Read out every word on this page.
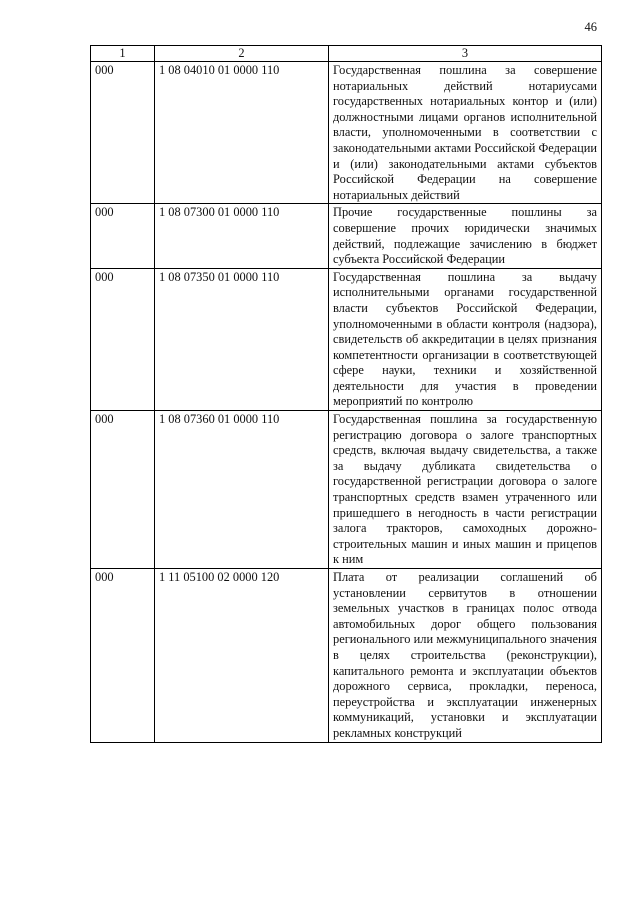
46
1	2	3
000	1 08 04010 01 0000 110	Государственная пошлина за совершение нотариальных действий нотариусами государственных нотариальных контор и (или) должностными лицами органов исполнительной власти, уполномоченными в соответствии с законодательными актами Российской Федерации и (или) законодательными актами субъектов Российской Федерации на совершение нотариальных действий
000	1 08 07300 01 0000 110	Прочие государственные пошлины за совершение прочих юридически значимых действий, подлежащие зачислению в бюджет субъекта Российской Федерации
000	1 08 07350 01 0000 110	Государственная пошлина за выдачу исполнительными органами государственной власти субъектов Российской Федерации, уполномоченными в области контроля (надзора), свидетельств об аккредитации в целях признания компетентности организации в соответствующей сфере науки, техники и хозяйственной деятельности для участия в проведении мероприятий по контролю
000	1 08 07360 01 0000 110	Государственная пошлина за государственную регистрацию договора о залоге транспортных средств, включая выдачу свидетельства, а также за выдачу дубликата свидетельства о государственной регистрации договора о залоге транспортных средств взамен утраченного или пришедшего в негодность в части регистрации залога тракторов, самоходных дорожно-строительных машин и иных машин и прицепов к ним
000	1 11 05100 02 0000 120	Плата от реализации соглашений об установлении сервитутов в отношении земельных участков в границах полос отвода автомобильных дорог общего пользования регионального или межмуниципального значения в целях строительства (реконструкции), капитального ремонта и эксплуатации объектов дорожного сервиса, прокладки, переноса, переустройства и эксплуатации инженерных коммуникаций, установки и эксплуатации рекламных конструкций
